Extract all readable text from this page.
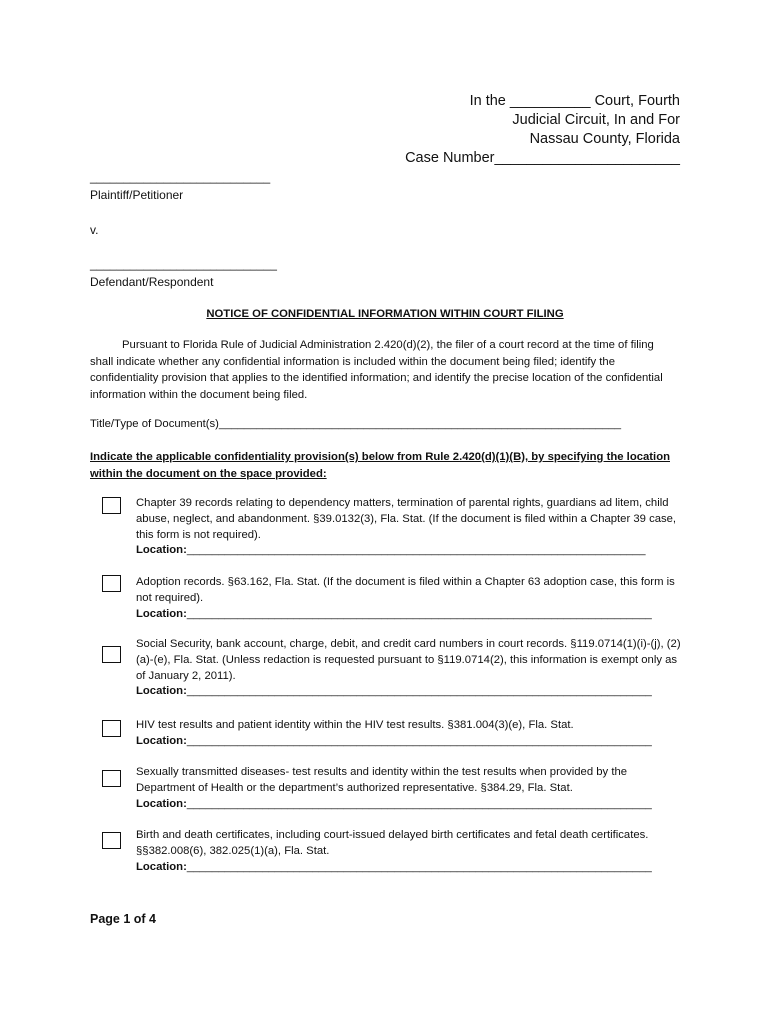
In the __________ Court, Fourth
Judicial Circuit, In and For
Nassau County, Florida
Case Number_______________________
___________________________
Plaintiff/Petitioner
v.
____________________________
Defendant/Respondent
NOTICE OF CONFIDENTIAL INFORMATION WITHIN COURT FILING
Pursuant to Florida Rule of Judicial Administration 2.420(d)(2), the filer of a court record at the time of filing shall indicate whether any confidential information is included within the document being filed; identify the confidentiality provision that applies to the identified information; and identify the precise location of the confidential information within the document being filed.
Title/Type of Document(s)________________________________________________________________
Indicate the applicable confidentiality provision(s) below from Rule 2.420(d)(1)(B), by specifying the location within the document on the space provided:
Chapter 39 records relating to dependency matters, termination of parental rights, guardians ad litem, child abuse, neglect, and abandonment. §39.0132(3), Fla. Stat. (If the document is filed within a Chapter 39 case, this form is not required).
Location:_________________________________________________________________________
Adoption records. §63.162, Fla. Stat. (If the document is filed within a Chapter 63 adoption case, this form is not required).
Location:__________________________________________________________________________
Social Security, bank account, charge, debit, and credit card numbers in court records. §119.0714(1)(i)-(j), (2)(a)-(e), Fla. Stat. (Unless redaction is requested pursuant to §119.0714(2), this information is exempt only as of January 2, 2011).
Location:__________________________________________________________________________
HIV test results and patient identity within the HIV test results. §381.004(3)(e), Fla. Stat.
Location:__________________________________________________________________________
Sexually transmitted diseases- test results and identity within the test results when provided by the Department of Health or the department’s authorized representative. §384.29, Fla. Stat.
Location:__________________________________________________________________________
Birth and death certificates, including court-issued delayed birth certificates and fetal death certificates. §§382.008(6), 382.025(1)(a), Fla. Stat.
Location:__________________________________________________________________________
Page 1 of 4
